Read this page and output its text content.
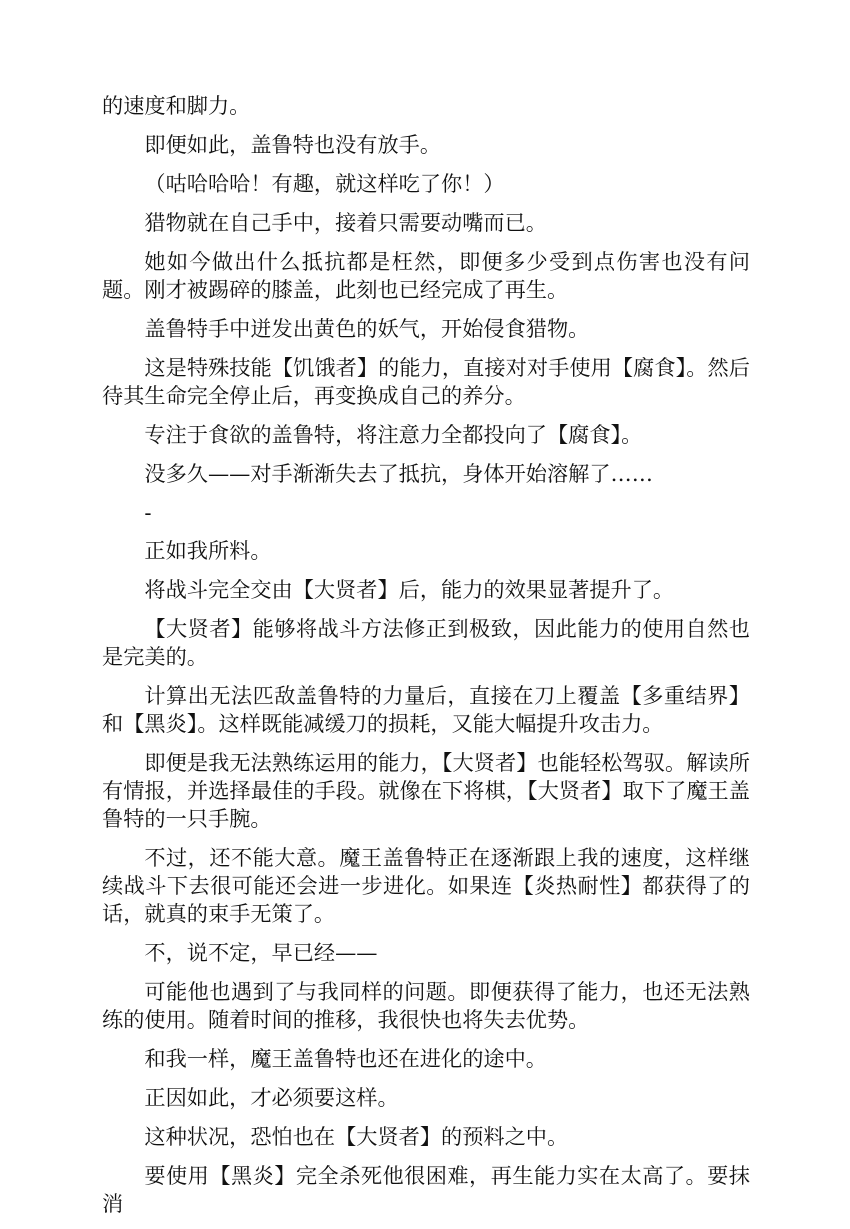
的速度和脚力。

即便如此，盖鲁特也没有放手。

（咕哈哈哈！有趣，就这样吃了你！）

猎物就在自己手中，接着只需要动嘴而已。

她如今做出什么抵抗都是枉然，即便多少受到点伤害也没有问题。刚才被踢碎的膝盖，此刻也已经完成了再生。

盖鲁特手中迸发出黄色的妖气，开始侵食猎物。

这是特殊技能【饥饿者】的能力，直接对对手使用【腐食】。然后待其生命完全停止后，再变换成自己的养分。

专注于食欲的盖鲁特，将注意力全都投向了【腐食】。

没多久——对手渐渐失去了抵抗，身体开始溶解了……

-

正如我所料。

将战斗完全交由【大贤者】后，能力的效果显著提升了。

【大贤者】能够将战斗方法修正到极致，因此能力的使用自然也是完美的。

计算出无法匹敌盖鲁特的力量后，直接在刀上覆盖【多重结界】和【黑炎】。这样既能减缓刀的损耗，又能大幅提升攻击力。

即便是我无法熟练运用的能力，【大贤者】也能轻松驾驭。解读所有情报，并选择最佳的手段。就像在下将棋，【大贤者】取下了魔王盖鲁特的一只手腕。

不过，还不能大意。魔王盖鲁特正在逐渐跟上我的速度，这样继续战斗下去很可能还会进一步进化。如果连【炎热耐性】都获得了的话，就真的束手无策了。

不，说不定，早已经——

可能他也遇到了与我同样的问题。即便获得了能力，也还无法熟练的使用。随着时间的推移，我很快也将失去优势。

和我一样，魔王盖鲁特也还在进化的途中。

正因如此，才必须要这样。

这种状况，恐怕也在【大贤者】的预料之中。

要使用【黑炎】完全杀死他很困难，再生能力实在太高了。要抹消
